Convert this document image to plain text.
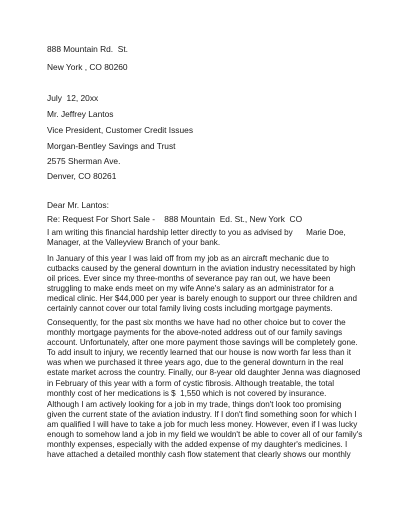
888 Mountain Rd.  St.
New York , CO 80260
July  12, 20xx
Mr. Jeffrey Lantos
Vice President, Customer Credit Issues
Morgan-Bentley Savings and Trust
2575 Sherman Ave.
Denver, CO 80261
Dear Mr. Lantos:
Re: Request For Short Sale -    888 Mountain  Ed. St., New York  CO
I am writing this financial hardship letter directly to you as advised by      Marie Doe,
Manager, at the Valleyview Branch of your bank.
In January of this year I was laid off from my job as an aircraft mechanic due to
cutbacks caused by the general downturn in the aviation industry necessitated by high
oil prices. Ever since my three-months of severance pay ran out, we have been
struggling to make ends meet on my wife Anne's salary as an administrator for a
medical clinic. Her $44,000 per year is barely enough to support our three children and
certainly cannot cover our total family living costs including mortgage payments.
Consequently, for the past six months we have had no other choice but to cover the
monthly mortgage payments for the above-noted address out of our family savings
account. Unfortunately, after one more payment those savings will be completely gone.
To add insult to injury, we recently learned that our house is now worth far less than it
was when we purchased it three years ago, due to the general downturn in the real
estate market across the country. Finally, our 8-year old daughter Jenna was diagnosed
in February of this year with a form of cystic fibrosis. Although treatable, the total
monthly cost of her medications is $  1,550 which is not covered by insurance.
Although I am actively looking for a job in my trade, things don't look too promising
given the current state of the aviation industry. If I don't find something soon for which I
am qualified I will have to take a job for much less money. However, even if I was lucky
enough to somehow land a job in my field we wouldn't be able to cover all of our family's
monthly expenses, especially with the added expense of my daughter's medicines. I
have attached a detailed monthly cash flow statement that clearly shows our monthly
